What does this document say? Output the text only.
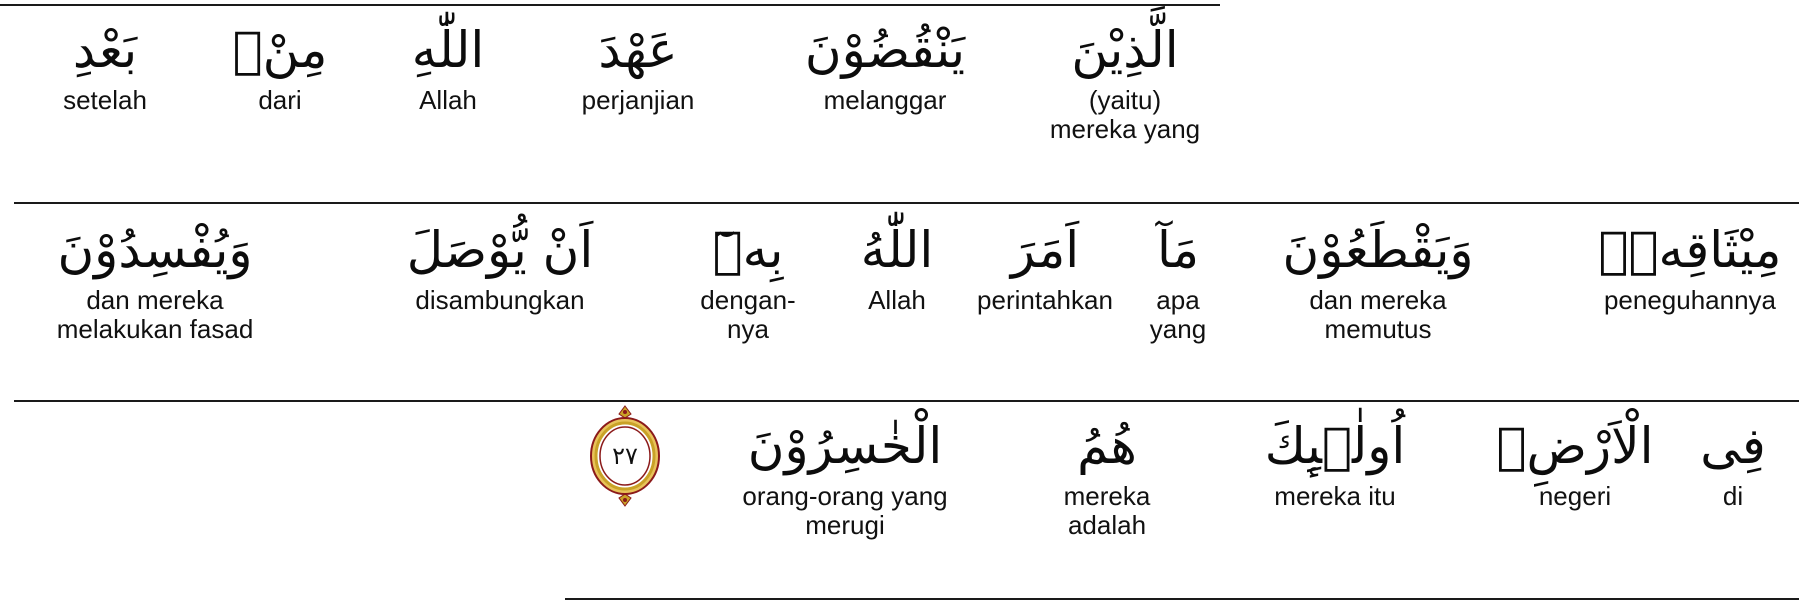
الَّذِيْنَ
(yaitu)
mereka yang
يَنْقُضُوْنَ
melanggar
عَهْدَ
perjanjian
اللّٰهِ
Allah
مِنْۢ
dari
بَعْدِ
setelah
مِيْثَاقِهٖۖ
peneguhannya
وَيَقْطَعُوْنَ
dan mereka
memutus
مَآ
apa
yang
اَمَرَ
perintahkan
اللّٰهُ
Allah
بِهٖٓ
dengan-
nya
اَنْ يُّوْصَلَ
disambungkan
وَيُفْسِدُوْنَ
dan mereka
melakukan fasad
فِى
di
الْاَرْضِۗ
negeri
اُولٰۤىِٕكَ
mereka itu
هُمُ
mereka
adalah
الْخٰسِرُوْنَ
orang-orang yang
merugi
٢٧
